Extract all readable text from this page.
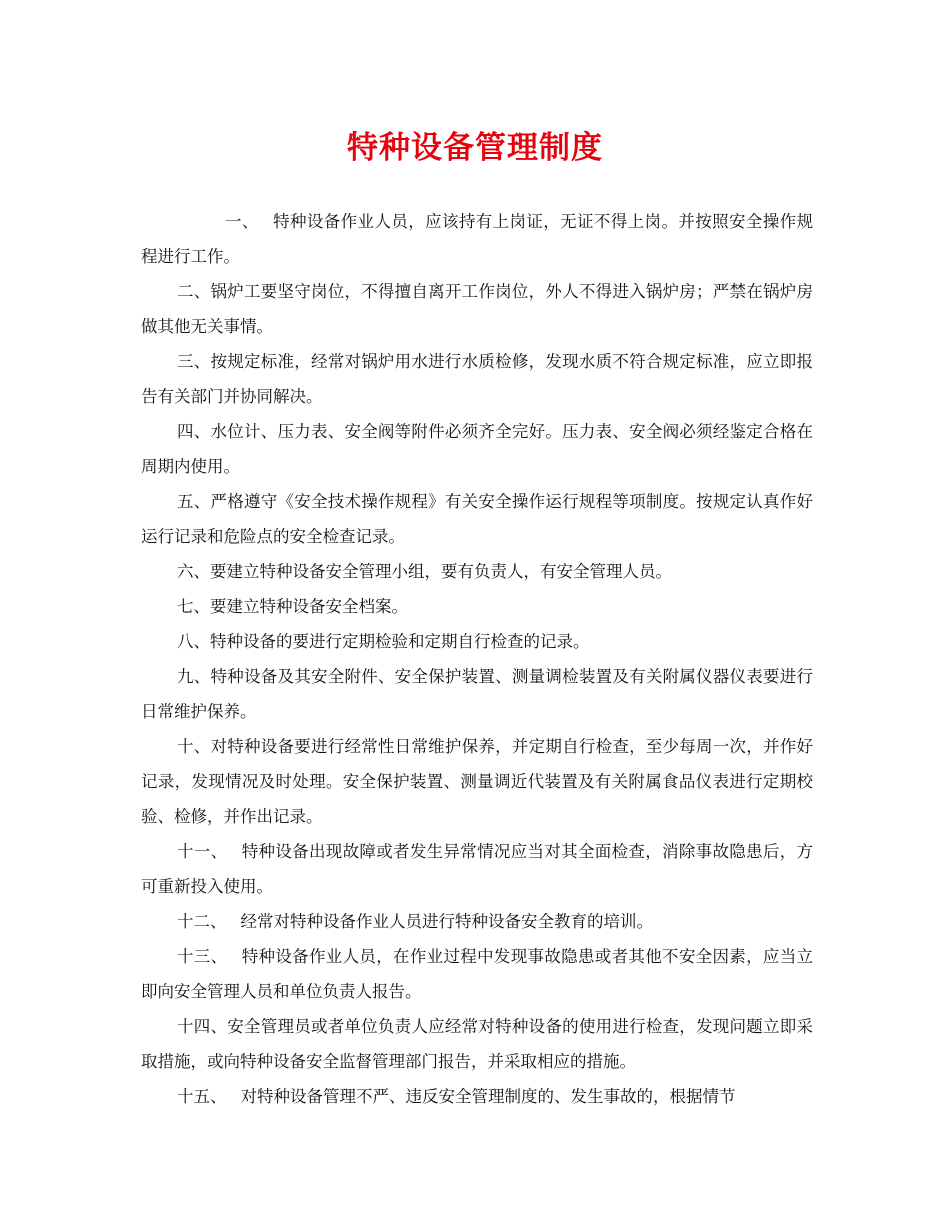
特种设备管理制度

一、 特种设备作业人员，应该持有上岗证，无证不得上岗。并按照安全操作规程进行工作。

二、锅炉工要坚守岗位，不得擅自离开工作岗位，外人不得进入锅炉房；严禁在锅炉房做其他无关事情。

三、按规定标准，经常对锅炉用水进行水质检修，发现水质不符合规定标准，应立即报告有关部门并协同解决。

四、水位计、压力表、安全阀等附件必须齐全完好。压力表、安全阀必须经鉴定合格在周期内使用。

五、严格遵守《安全技术操作规程》有关安全操作运行规程等项制度。按规定认真作好运行记录和危险点的安全检查记录。

六、要建立特种设备安全管理小组，要有负责人，有安全管理人员。

七、要建立特种设备安全档案。

八、特种设备的要进行定期检验和定期自行检查的记录。

九、特种设备及其安全附件、安全保护装置、测量调检装置及有关附属仪器仪表要进行日常维护保养。

十、对特种设备要进行经常性日常维护保养，并定期自行检查，至少每周一次，并作好记录，发现情况及时处理。安全保护装置、测量调近代装置及有关附属食品仪表进行定期校验、检修，并作出记录。

十一、 特种设备出现故障或者发生异常情况应当对其全面检查，消除事故隐患后，方可重新投入使用。

十二、 经常对特种设备作业人员进行特种设备安全教育的培训。

十三、 特种设备作业人员，在作业过程中发现事故隐患或者其他不安全因素，应当立即向安全管理人员和单位负责人报告。

十四、安全管理员或者单位负责人应经常对特种设备的使用进行检查，发现问题立即采取措施，或向特种设备安全监督管理部门报告，并采取相应的措施。

十五、 对特种设备管理不严、违反安全管理制度的、发生事故的，根据情节
